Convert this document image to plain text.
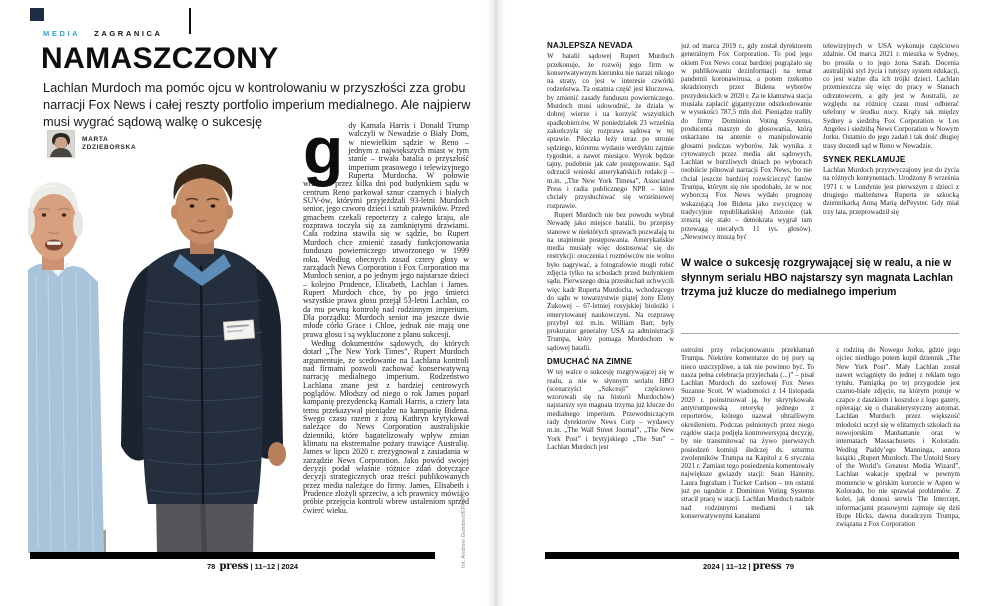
MEDIA ZAGRANICA
NAMASZCZONY
Lachlan Murdoch ma pomóc ojcu w kontrolowaniu w przyszłości zza grobu narracji Fox News i całej reszty portfolio imperium medialnego. Ale najpierw musi wygrać sądową walkę o sukcesję
MARTA
ZDZIEBORSKA	gdy Kamala Harris i Donald Trump walczyli w Newadzie o Biały Dom, w niewielkim sądzie w Reno – jednym z największych miast w tym stanie – trwała batalia o przyszłość imperium prasowego i telewizyjnego Ruperta Murdocha. W połowie września przez kilka dni pod budynkiem sądu w centrum Reno parkował sznur czarnych i białych SUV-ów, którymi przyjeżdżali 93-letni Murdoch senior, jego czworo dzieci i sztab prawników. Przed gmachem czekali reporterzy z całego kraju, ale rozprawa toczyła się za zamkniętymi drzwiami. Cała rodzina stawiła się w sądzie, bo Rupert Murdoch chce zmienić zasady funkcjonowania funduszu powierniczego utworzonego w 1999 roku. Według obecnych zasad cztery głosy w zarządach News Corporation i Fox Corporation ma Murdoch senior, a po jednym jego najstarsze dzieci – kolejno Prudence, Elisabeth, Lachlan i James. Rupert Murdoch chce, by po jego śmierci wszystkie prawa głosu przejął 53-letni Lachlan, co da mu pewną kontrolę nad rodzinnym imperium. Dla porządku: Murdoch senior ma jeszcze dwie młode córki Grace i Chloe, jednak nie mają one prawa głosu i są wykluczone z planu sukcesji.

Według dokumentów sądowych, do których dotarł „The New York Times”, Rupert Murdoch argumentuje, że scedowanie na Lachlana kontroli nad firmami pozwoli zachować konserwatywną narrację medialnego imperium. Rodzeństwo Lachlana znane jest z bardziej centrowych poglądów. Młodszy od niego o rok James poparł kampanię prezydencką Kamali Harris, a cztery lata temu przekazywał pieniądze na kampanię Bidena. Swego czasu razem z żoną Kathryn krytykował należące do News Corporation australijskie dzienniki, które bagatelizowały wpływ zmian klimatu na ekstremalne pożary trawiące Australię. James w lipcu 2020 r. zrezygnował z zasiadania w zarządzie News Corporation. Jako powód swojej decyzji podał właśnie różnice zdań dotyczące decyzji strategicznych oraz treści publikowanych przez media należące do firmy. James, Elisabeth i Prudence złożyli sprzeciw, a ich prawnicy mówią o próbie przejęcia kontroli wbrew ustaleniom sprzed ćwierć wieku.	fot. Andrew Gombert/EPA/PAP
78 press | 11–12 | 2024
NAJLEPSZA NEVADA

W batalii sądowej Rupert Murdoch przekonuje, że rozwój jego firm w konserwatywnym kierunku nie narazi nikogo na straty, co jest w interesie czwórki rodzeństwa. Ta ostatnia część jest kluczowa, by zmienić zasady funduszu powierniczego. Murdoch musi udowodnić, że działa w dobrej wierze i na korzyść wszystkich spadkobierców. W poniedziałek 23 września zakończyła się rozprawa sądowa w tej sprawie. Piłeczka leży teraz po stronie sędziego, któremu wydanie werdyktu zajmie tygodnie, a nawet miesiące. Wyrok będzie tajny, podobnie jak całe postępowanie. Sąd odrzucił wnioski amerykańskich redakcji – m.in. „The New York Timesa”, Associated Press i radia publicznego NPR – które chciały przysłuchiwać się wrześniowej rozprawie.

Rupert Murdoch nie bez powodu wybrał Newadę jako miejsce batalii, bo przepisy stanowe w niektórych sprawach pozwalają tu na utajnienie postępowania. Amerykańskie media musiały więc dostosować się do restrykcji: otoczenia i rozmówców nie wolno było nagrywać, a fotografowie mogli robić zdjęcia tylko na schodach przed budynkiem sądu. Pierwszego dnia przesłuchań uchwycili więc kadr Ruperta Murdocha, wchodzącego do sądu w towarzystwie piątej żony Eleny Żukowej – 67-letniej rosyjskiej biolożki i emerytowanej naukowczyni. Na rozprawę przybył też m.in. William Barr, były prokurator generalny USA za administracji Trumpa, który pomaga Murdochom w sądowej batalii.

DMUCHAĆ NA ZIMNE

W tej walce o sukcesję rozgrywającej się w realu, a nie w słynnym serialu HBO (scenarzyści „Sukcesji” częściowo wzorowali się na historii Murdochów) najstarszy syn magnata trzyma już klucze do medialnego imperium. Przewodniczącym rady dyrektorów News Corp – wydawcy m.in. „The Wall Street Journal”, „The New York Post” i brytyjskiego „The Sun” – Lachlan Murdoch jest

już od marca 2019 r., gdy został dyrektorem generalnym Fox Corporation. To pod jego okiem Fox News coraz bardziej pogrążało się w publikowaniu dezinformacji na temat pandemii koronawirusa, a potem rzekomo skradzionych przez Bidena wyborów prezydenckich w 2020 r. Za te kłamstwa stacja musiała zapłacić gigantyczne odszkodowanie w wysokości 787,5 mln dol. Pieniądze trafiły do firmy Dominion Voting Systems, producenta maszyn do głosowania, którą oskarżano na antenie o manipulowanie głosami podczas wyborów. Jak wynika z cytowanych przez media akt sądowych, Lachlan w burzliwych dniach po wyborach osobiście pilnował narracji Fox News, bo nie chciał jeszcze bardziej rozwścieczyć fanów Trumpa, którym się nie spodobało, że w noc wyborczą Fox News wydało prognozę wskazującą Joe Bidena jako zwycięzcę w tradycyjnie republikańskiej Arizonie (tak zresztą się stało – demokrata wygrał tam przewagą niecałych 11 tys. głosów). „Newsowcy muszą być

telewizyjnych w USA wykonuje częściowo zdalnie. Od marca 2021 r. mieszka w Sydney, bo prosiła o to jego żona Sarah. Docenia australijski styl życia i tutejszy system edukacji, co jest ważne dla ich trójki dzieci. Lachlan przemieszcza się więc do pracy w Stanach odrzutowcem, a gdy jest w Australii, ze względu na różnicę czasu musi odbierać telefony w środku nocy. Krąży tak między Sydney a siedzibą Fox Corporation w Los Angeles i siedzibą News Corporation w Nowym Jorku. Ostatnio do jego zadań i tak dość długiej trasy doszedł sąd w Reno w Newadzie.

SYNEK REKLAMUJE

Lachlan Murdoch przyzwyczajony jest do życia na różnych kontynentach. Urodzony 8 września 1971 r. w Londynie jest pierwszym z dzieci z drugiego małżeństwa Ruperta ze szkocką dziennikarką Anną Marią dePeyster. Gdy miał trzy lata, przeprowadził się

W walce o sukcesję rozgrywającej się w realu, a nie w słynnym serialu HBO najstarszy syn magnata Lachlan trzyma już klucze do medialnego imperium

ostrożni przy relacjonowaniu przekłamań Trumpa. Niektóre komentarze do tej pory są nieco uszczypliwe, a tak nie powinno być. To nasza pełna celebracja przyjechała (...)” – pisał Lachlan Murdoch do szefowej Fox News Suzanne Scott. W wiadomości z 14 listopada 2020 r. poinstruował ją, by skrytykowała antytrumpowską retorykę jednego z reporterów, którego nazwał obraźliwym określeniem. Podczas pełnionych przez niego rządów stacja podjęła kontrowersyjną decyzję, by nie transmitować na żywo pierwszych posiedzeń komisji śledczej ds. szturmu zwolenników Trumpa na Kapitol z 6 stycznia 2021 r. Zamiast tego posiedzenia komentowały największe gwiazdy stacji: Sean Hannity, Laura Ingraham i Tucker Carlson – ten ostatni już po ugodzie z Dominion Voting Systems stracił pracę w stacji. Lachlan Murdoch nadzór nad rodzinnymi mediami i tak konserwatywnymi kanałami

z rodziną do Nowego Jorku, gdzie jego ojciec niedługo potem kupił dziennik „The New York Post”. Mały Lachlan został nawet wciągnięty do jednej z reklam tego tytułu. Pamiątką po tej przygodzie jest czarno-białe zdjęcie, na którym pozuje w czapce z daszkiem i koszulce z logo gazety, opierając się o charakterystyczny automat. Lachlan Murdoch przez większość młodości uczył się w elitarnych szkołach na nowojorskim Manhattanie oraz w internatach Massachusetts i Kolorado. Według Paddy’ego Manninga, autora książki „Rupert Murdoch. The Untold Story of the World’s Greatest Media Wizard”, Lachlan wakacje spędzał w pewnym momencie w górskim kurorcie w Aspen w Kolorado, bo nie sprawiał problemów. Z kolei, jak donosi serwis The Intercept, informacjami prasowymi zajmuje się dziś Hope Hicks, dawna doradczyni Trumpa, związana z Fox Corporation

2024 | 11–12 | press 79
